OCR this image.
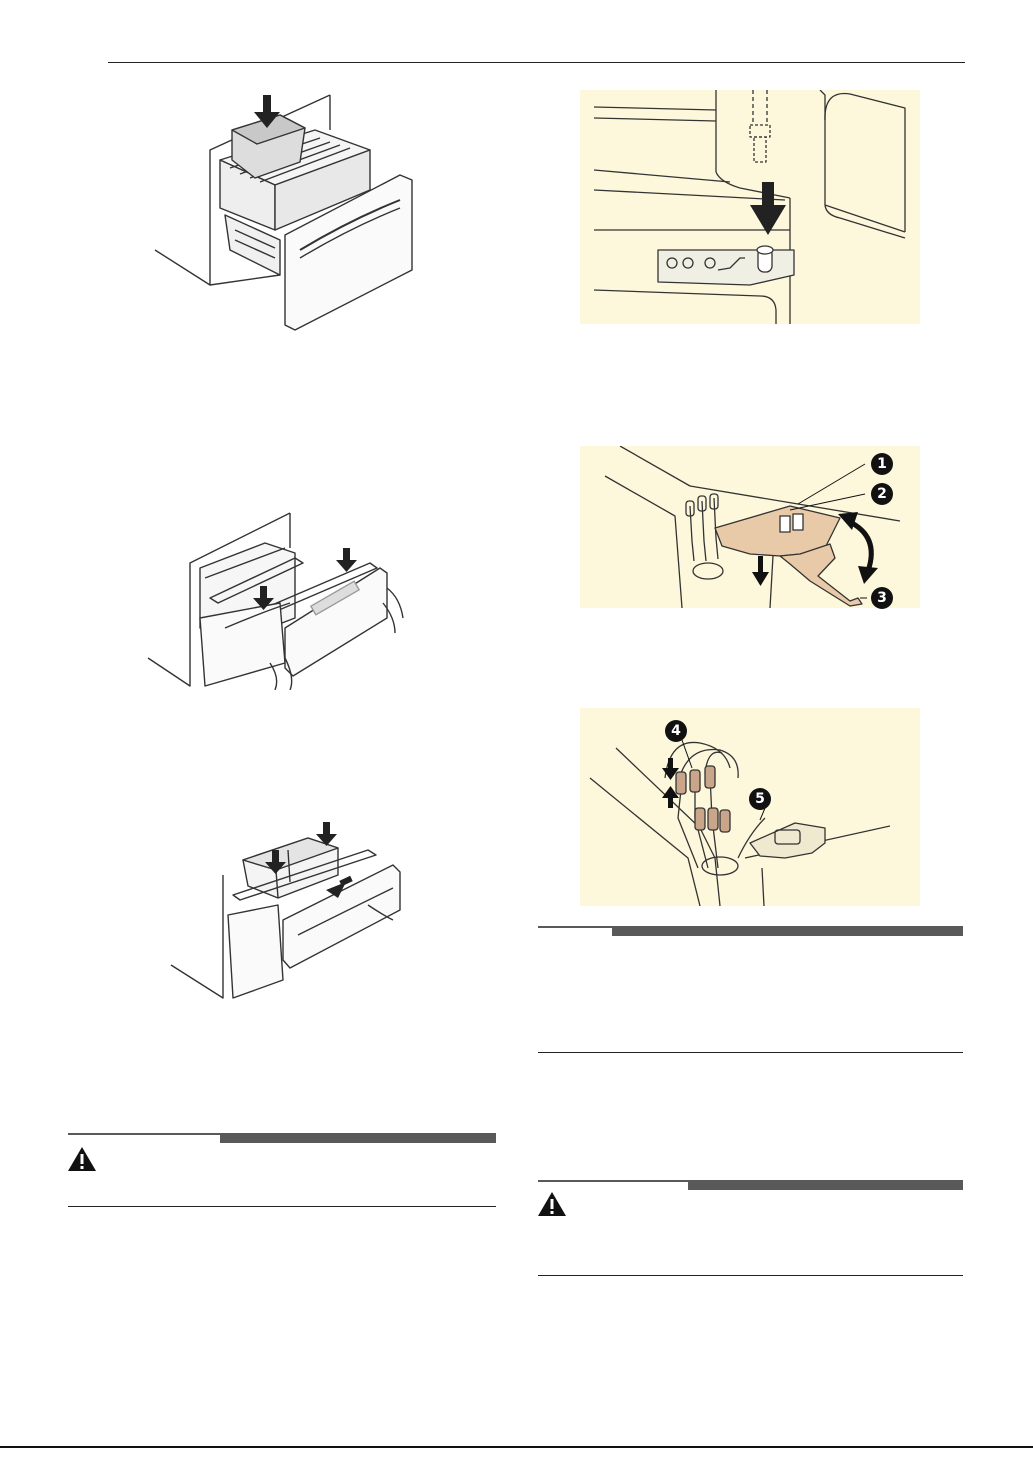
1
2
3
4
5
